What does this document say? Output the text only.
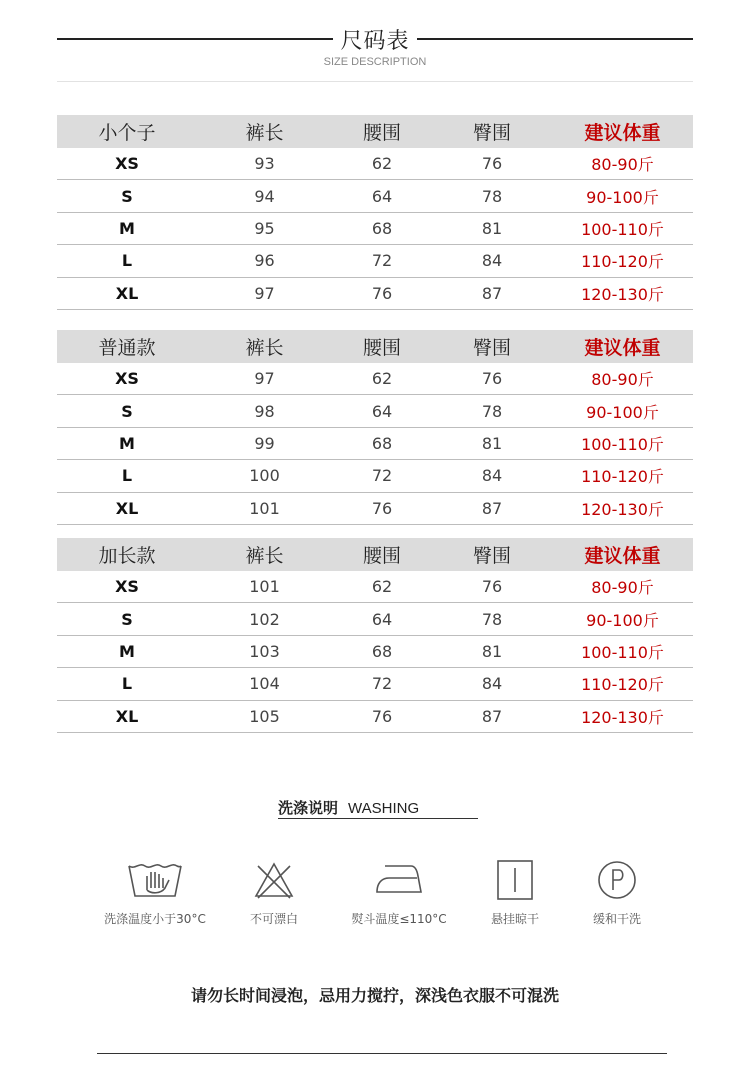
尺码表
SIZE DESCRIPTION
小个子	裤长	腰围	臀围	建议体重
XS	93	62	76	80-90斤
S	94	64	78	90-100斤
M	95	68	81	100-110斤
L	96	72	84	110-120斤
XL	97	76	87	120-130斤
普通款	裤长	腰围	臀围	建议体重
XS	97	62	76	80-90斤
S	98	64	78	90-100斤
M	99	68	81	100-110斤
L	100	72	84	110-120斤
XL	101	76	87	120-130斤
加长款	裤长	腰围	臀围	建议体重
XS	101	62	76	80-90斤
S	102	64	78	90-100斤
M	103	68	81	100-110斤
L	104	72	84	110-120斤
XL	105	76	87	120-130斤
洗涤说明 WASHING
洗涤温度小于30°C	不可漂白	熨斗温度≤110°C	悬挂晾干	缓和干洗
请勿长时间浸泡，忌用力搅拧，深浅色衣服不可混洗
